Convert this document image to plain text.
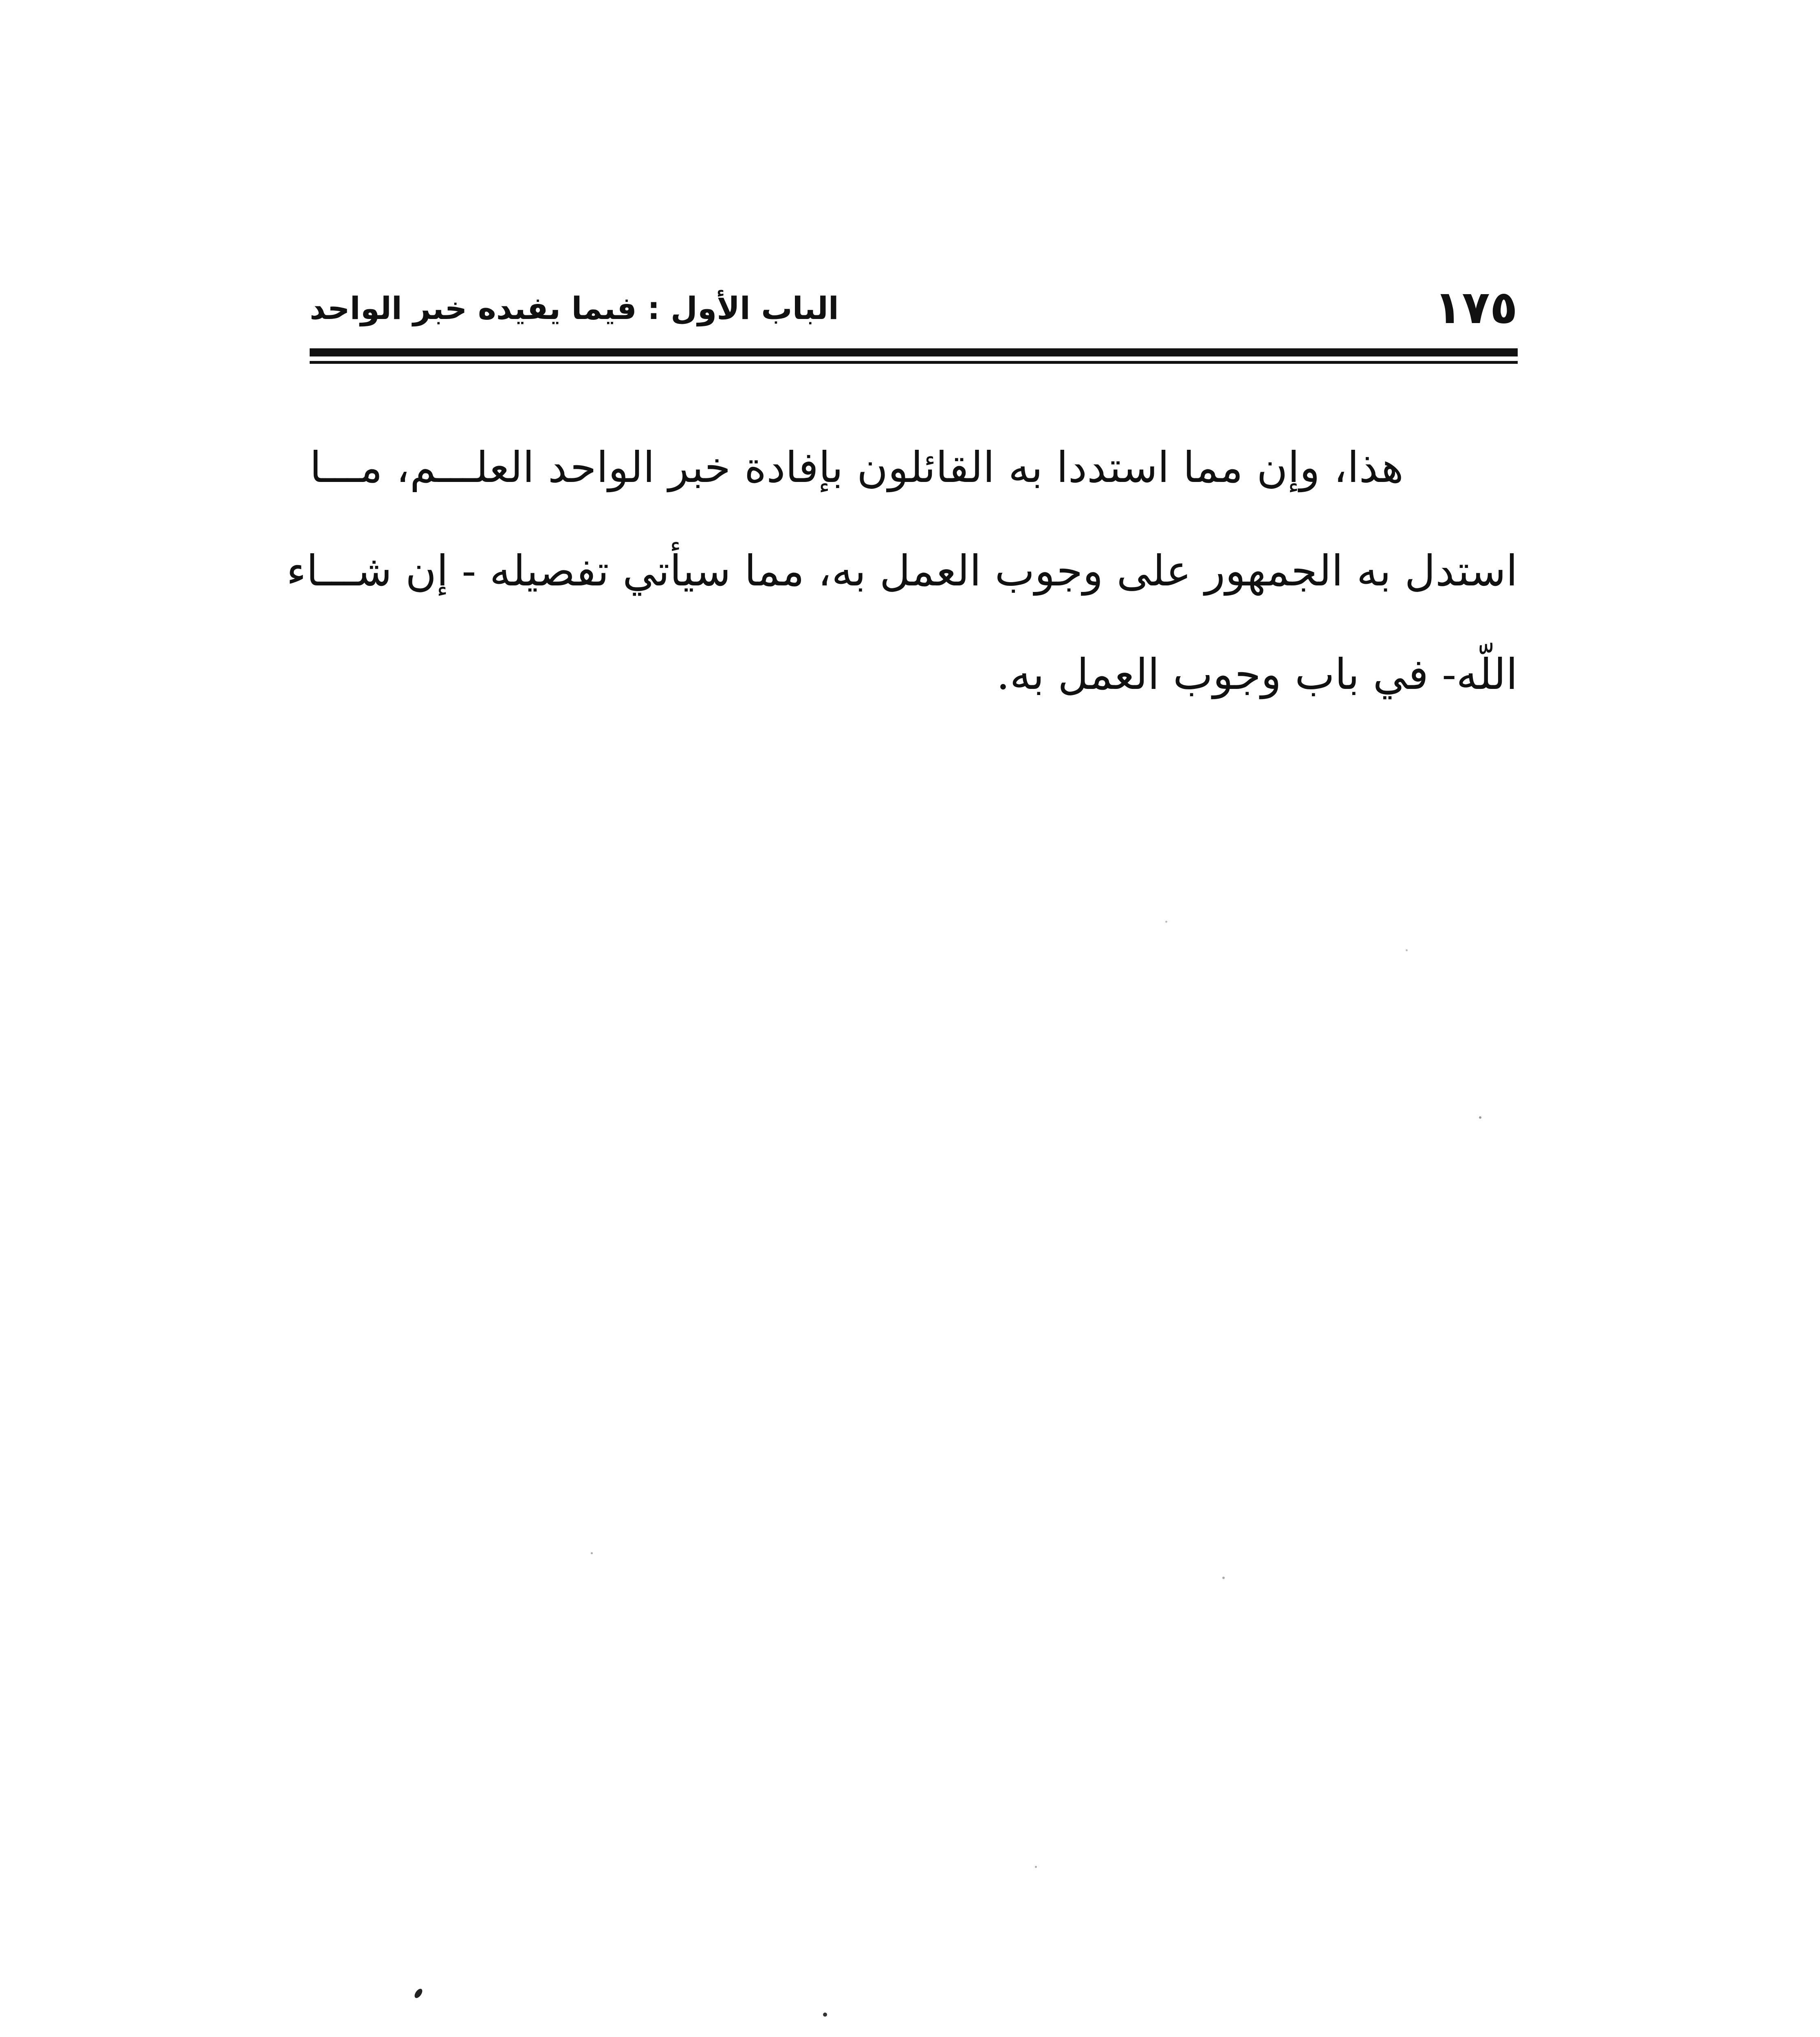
١٧٥
الباب الأول : فيما يفيده خبر الواحد
هذا، وإن مما استددا به القائلون بإفادة خبر الواحد العلـــم، مـــا
استدل به الجمهور على وجوب العمل به، مما سيأتي تفصيله - إن شـــاء
اللّه- في باب وجوب العمل به.
